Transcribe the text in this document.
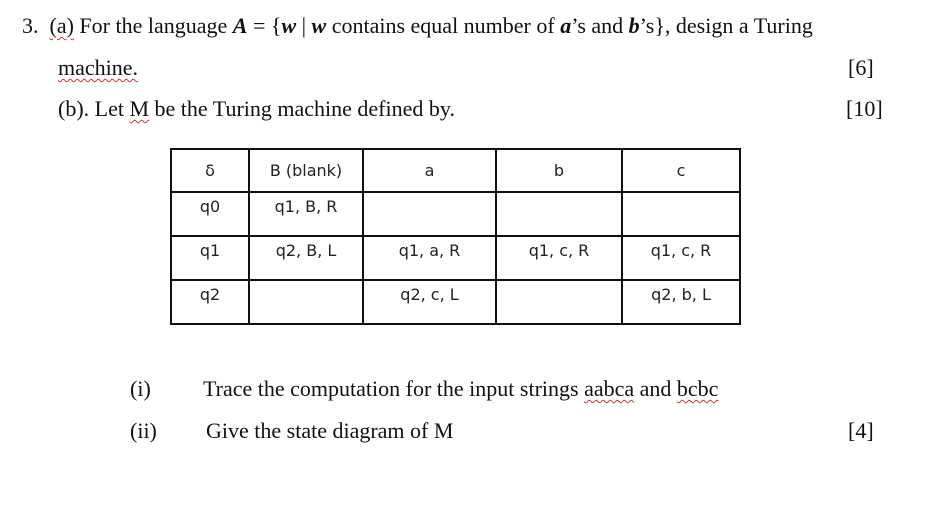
3. (a) For the language A = {w | w contains equal number of a’s and b’s}, design a Turing
machine.	[6]
(b). Let M be the Turing machine defined by.	[10]
δ	B (blank)	a	b	c
q0	q1, B, R			
q1	q2, B, L	q1, a, R	q1, c, R	q1, c, R
q2		q2, c, L		q2, b, L
(i) Trace the computation for the input strings aabca and bcbc
(ii) Give the state diagram of M	[4]
